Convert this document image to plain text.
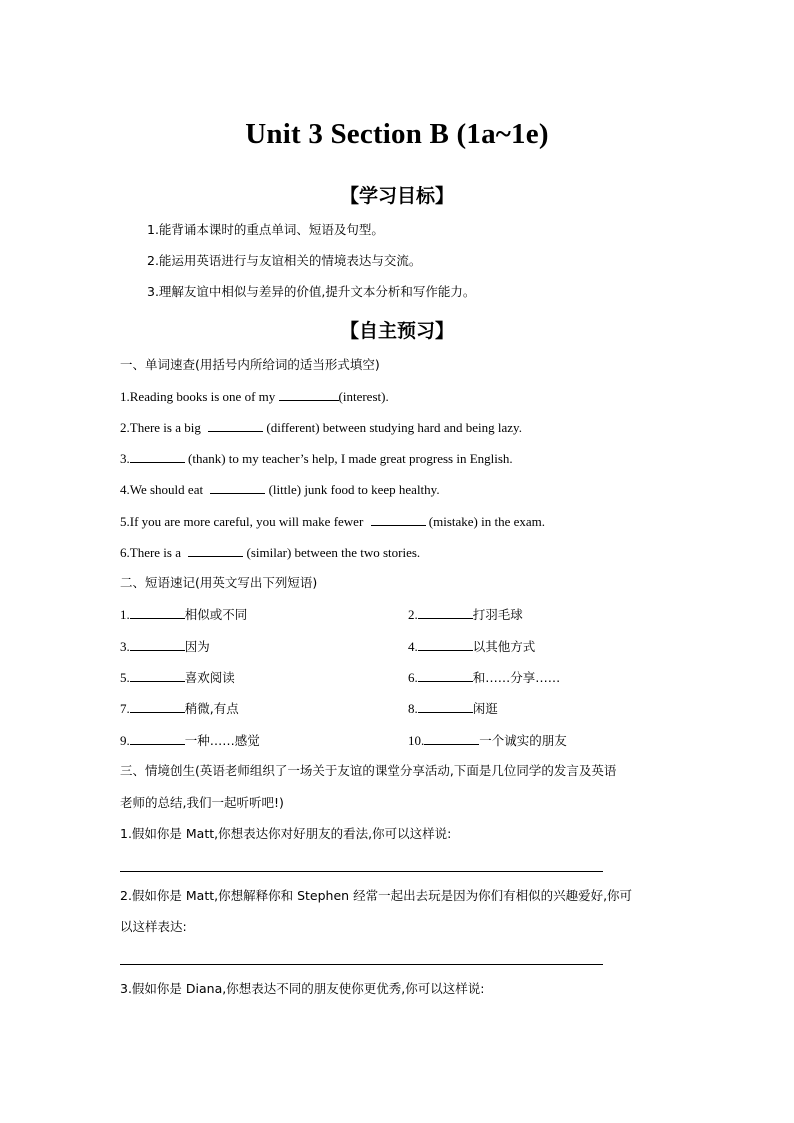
Unit 3 Section B (1a~1e)
【学习目标】
1.能背诵本课时的重点单词、短语及句型。
2.能运用英语进行与友谊相关的情境表达与交流。
3.理解友谊中相似与差异的价值,提升文本分析和写作能力。
【自主预习】
一、单词速查(用括号内所给词的适当形式填空)
1.Reading books is one of my	(interest).
2.There is a big	(different) between studying hard and being lazy.
3.	(thank) to my teacher’s help, I made great progress in English.
4.We should eat	(little) junk food to keep healthy.
5.If you are more careful, you will make fewer	(mistake) in the exam.
6.There is a	(similar) between the two stories.
二、短语速记(用英文写出下列短语)
1.	相似或不同	2.	打羽毛球
3.	因为	4.	以其他方式
5.	喜欢阅读	6.	和……分享……
7.	稍微,有点	8.	闲逛
9.	一种……感觉	10.	一个诚实的朋友
三、情境创生(英语老师组织了一场关于友谊的课堂分享活动,下面是几位同学的发言及英语
老师的总结,我们一起听听吧!)
1.假如你是 Matt,你想表达你对好朋友的看法,你可以这样说:
2.假如你是 Matt,你想解释你和 Stephen 经常一起出去玩是因为你们有相似的兴趣爱好,你可
以这样表达:
3.假如你是 Diana,你想表达不同的朋友使你更优秀,你可以这样说:
